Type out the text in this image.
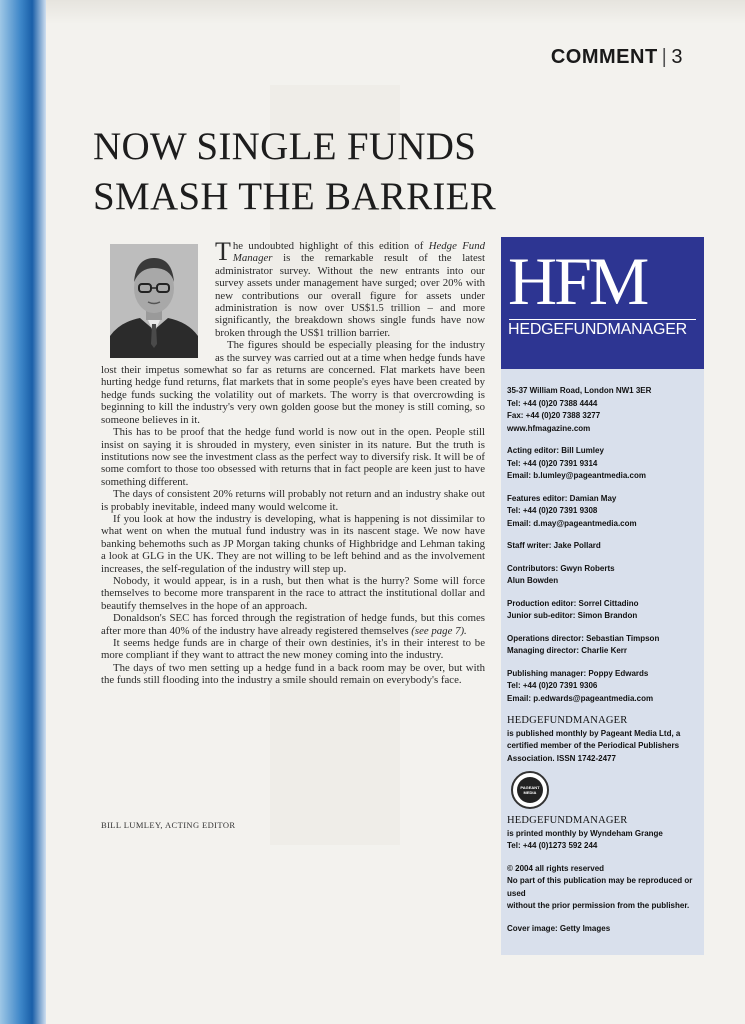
COMMENT | 3
NOW SINGLE FUNDS
SMASH THE BARRIER

The undoubted highlight of this edition of Hedge Fund Manager is the remarkable result of the latest administrator survey. Without the new entrants into our survey assets under management have surged; over 20% with new contributions our overall figure for assets under administration is now over US$1.5 trillion – and more significantly, the breakdown shows single funds have now broken through the US$1 trillion barrier.

The figures should be especially pleasing for the industry as the survey was carried out at a time when hedge funds have lost their impetus somewhat so far as returns are concerned. Flat markets have been hurting hedge fund returns, flat markets that in some people's eyes have been created by hedge funds sucking the volatility out of markets. The worry is that overcrowding is beginning to kill the industry's very own golden goose but the money is still coming, so someone believes in it.

This has to be proof that the hedge fund world is now out in the open. People still insist on saying it is shrouded in mystery, even sinister in its nature. But the truth is institutions now see the investment class as the perfect way to diversify risk. It will be of some comfort to those too obsessed with returns that in fact people are keen just to have something different.

The days of consistent 20% returns will probably not return and an industry shake out is probably inevitable, indeed many would welcome it.

If you look at how the industry is developing, what is happening is not dissimilar to what went on when the mutual fund industry was in its nascent stage. We now have banking behemoths such as JP Morgan taking chunks of Highbridge and Lehman taking a look at GLG in the UK. They are not willing to be left behind and as the involvement increases, the self-regulation of the industry will step up.

Nobody, it would appear, is in a rush, but then what is the hurry? Some will force themselves to become more transparent in the race to attract the institutional dollar and beautify themselves in the hope of an approach.

Donaldson's SEC has forced through the registration of hedge funds, but this comes after more than 40% of the industry have already registered themselves (see page 7).

It seems hedge funds are in charge of their own destinies, it's in their interest to be more compliant if they want to attract the new money coming into the industry.

The days of two men setting up a hedge fund in a back room may be over, but with the funds still flooding into the industry a smile should remain on everybody's face.

BILL LUMLEY, ACTING EDITOR
HFM
HEDGEFUNDMANAGER
35-37 William Road, London NW1 3ER
Tel: +44 (0)20 7388 4444
Fax: +44 (0)20 7388 3277
www.hfmagazine.com
Acting editor: Bill Lumley
Tel: +44 (0)20 7391 9314
Email: b.lumley@pageantmedia.com
Features editor: Damian May
Tel: +44 (0)20 7391 9308
Email: d.may@pageantmedia.com
Staff writer: Jake Pollard
Contributors: Gwyn Roberts
Alun Bowden
Production editor: Sorrel Cittadino
Junior sub-editor: Simon Brandon
Operations director: Sebastian Timpson
Managing director: Charlie Kerr
Publishing manager: Poppy Edwards
Tel: +44 (0)20 7391 9306
Email: p.edwards@pageantmedia.com
HEDGEFUNDMANAGER
is published monthly by Pageant Media Ltd, a
certified member of the Periodical Publishers
Association. ISSN 1742-2477
PAGEANT MEDIA
HEDGEFUNDMANAGER
is printed monthly by Wyndeham Grange
Tel: +44 (0)1273 592 244
© 2004 all rights reserved
No part of this publication may be reproduced or used
without the prior permission from the publisher.
Cover image: Getty Images
